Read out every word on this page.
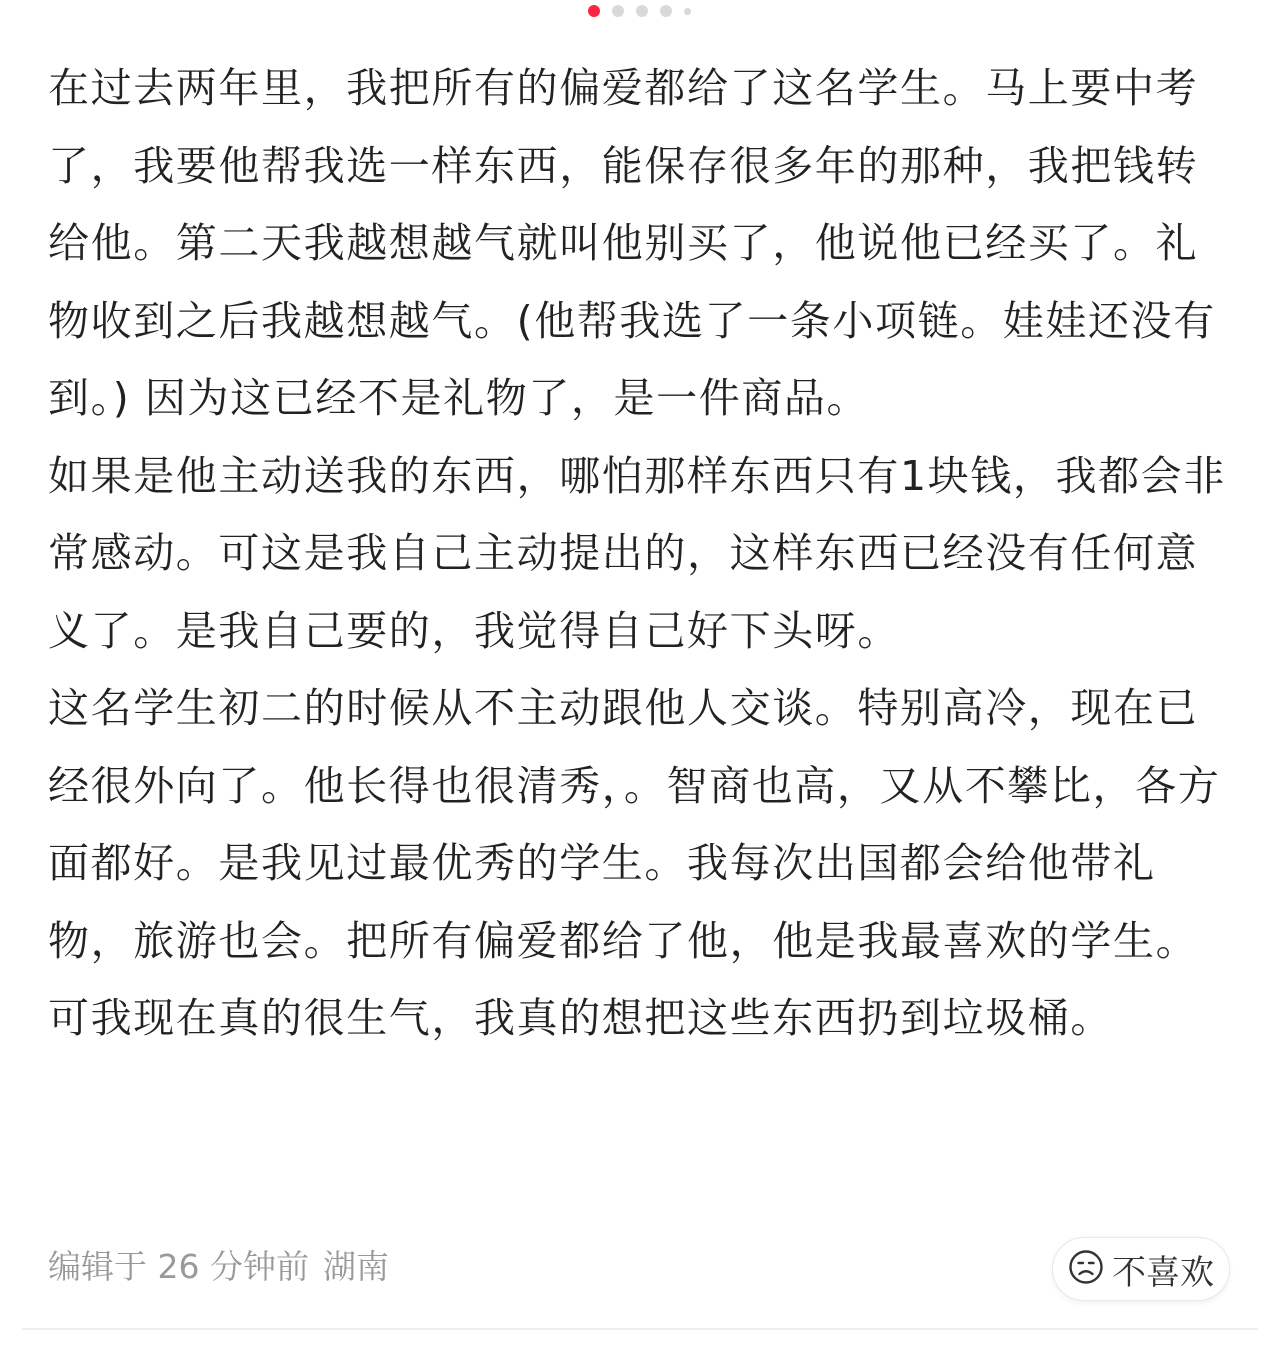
在过去两年里，我把所有的偏爱都给了这名学生。马上要中考了，我要他帮我选一样东西，能保存很多年的那种，我把钱转给他。第二天我越想越气就叫他别买了，他说他已经买了。礼物收到之后我越想越气。(他帮我选了一条小项链。娃娃还没有到。) 因为这已经不是礼物了，是一件商品。

如果是他主动送我的东西，哪怕那样东西只有1块钱，我都会非常感动。可这是我自己主动提出的，这样东西已经没有任何意义了。是我自己要的，我觉得自己好下头呀。

这名学生初二的时候从不主动跟他人交谈。特别高冷，现在已经很外向了。他长得也很清秀，。智商也高，又从不攀比，各方面都好。是我见过最优秀的学生。我每次出国都会给他带礼物，旅游也会。把所有偏爱都给了他，他是我最喜欢的学生。可我现在真的很生气，我真的想把这些东西扔到垃圾桶。

编辑于 26 分钟前 湖南	不喜欢
